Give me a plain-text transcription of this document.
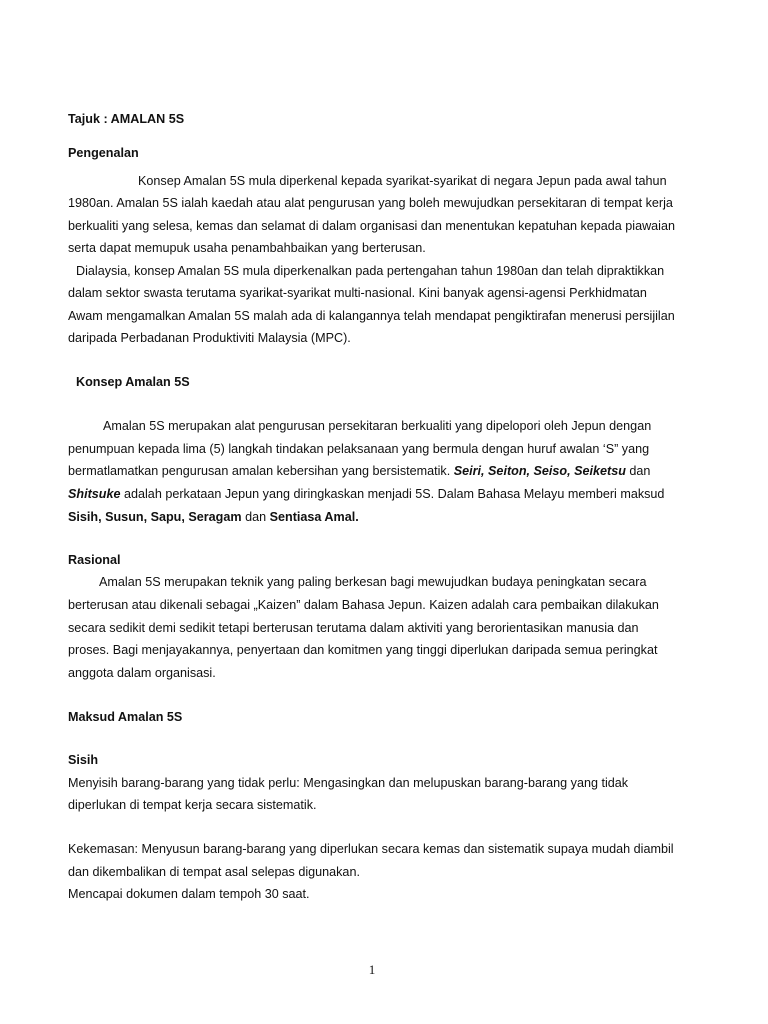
Tajuk : AMALAN 5S
Pengenalan
Konsep Amalan 5S mula diperkenal kepada syarikat-syarikat di negara Jepun pada awal tahun
1980an. Amalan 5S ialah kaedah atau alat pengurusan yang boleh mewujudkan persekitaran di tempat kerja
berkualiti yang selesa, kemas dan selamat di dalam organisasi dan menentukan kepatuhan kepada piawaian
serta dapat memupuk usaha penambahbaikan yang berterusan.
Dialaysia, konsep Amalan 5S mula diperkenalkan pada pertengahan tahun 1980an dan telah dipraktikkan
dalam sektor swasta terutama syarikat-syarikat multi-nasional. Kini banyak agensi-agensi Perkhidmatan
Awam mengamalkan Amalan 5S malah ada di kalangannya telah mendapat pengiktirafan menerusi persijilan
daripada Perbadanan Produktiviti Malaysia (MPC).
Konsep Amalan 5S
Amalan 5S merupakan alat pengurusan persekitaran berkualiti yang dipelopori oleh Jepun dengan
penumpuan kepada lima (5) langkah tindakan pelaksanaan yang bermula dengan huruf awalan ‘S” yang
bermatlamatkan pengurusan amalan kebersihan yang bersistematik. Seiri, Seiton, Seiso, Seiketsu dan
Shitsuke adalah perkataan Jepun yang diringkaskan menjadi 5S. Dalam Bahasa Melayu memberi maksud
Sisih, Susun, Sapu, Seragam dan Sentiasa Amal.
Rasional
Amalan 5S merupakan teknik yang paling berkesan bagi mewujudkan budaya peningkatan secara
berterusan atau dikenali sebagai „Kaizen” dalam Bahasa Jepun. Kaizen adalah cara pembaikan dilakukan
secara sedikit demi sedikit tetapi berterusan terutama dalam aktiviti yang berorientasikan manusia dan
proses. Bagi menjayakannya, penyertaan dan komitmen yang tinggi diperlukan daripada semua peringkat
anggota dalam organisasi.
Maksud Amalan 5S
Sisih
Menyisih barang-barang yang tidak perlu: Mengasingkan dan melupuskan barang-barang yang tidak
diperlukan di tempat kerja secara sistematik.
Kekemasan: Menyusun barang-barang yang diperlukan secara kemas dan sistematik supaya mudah diambil
dan dikembalikan di tempat asal selepas digunakan.
Mencapai dokumen dalam tempoh 30 saat.
1
